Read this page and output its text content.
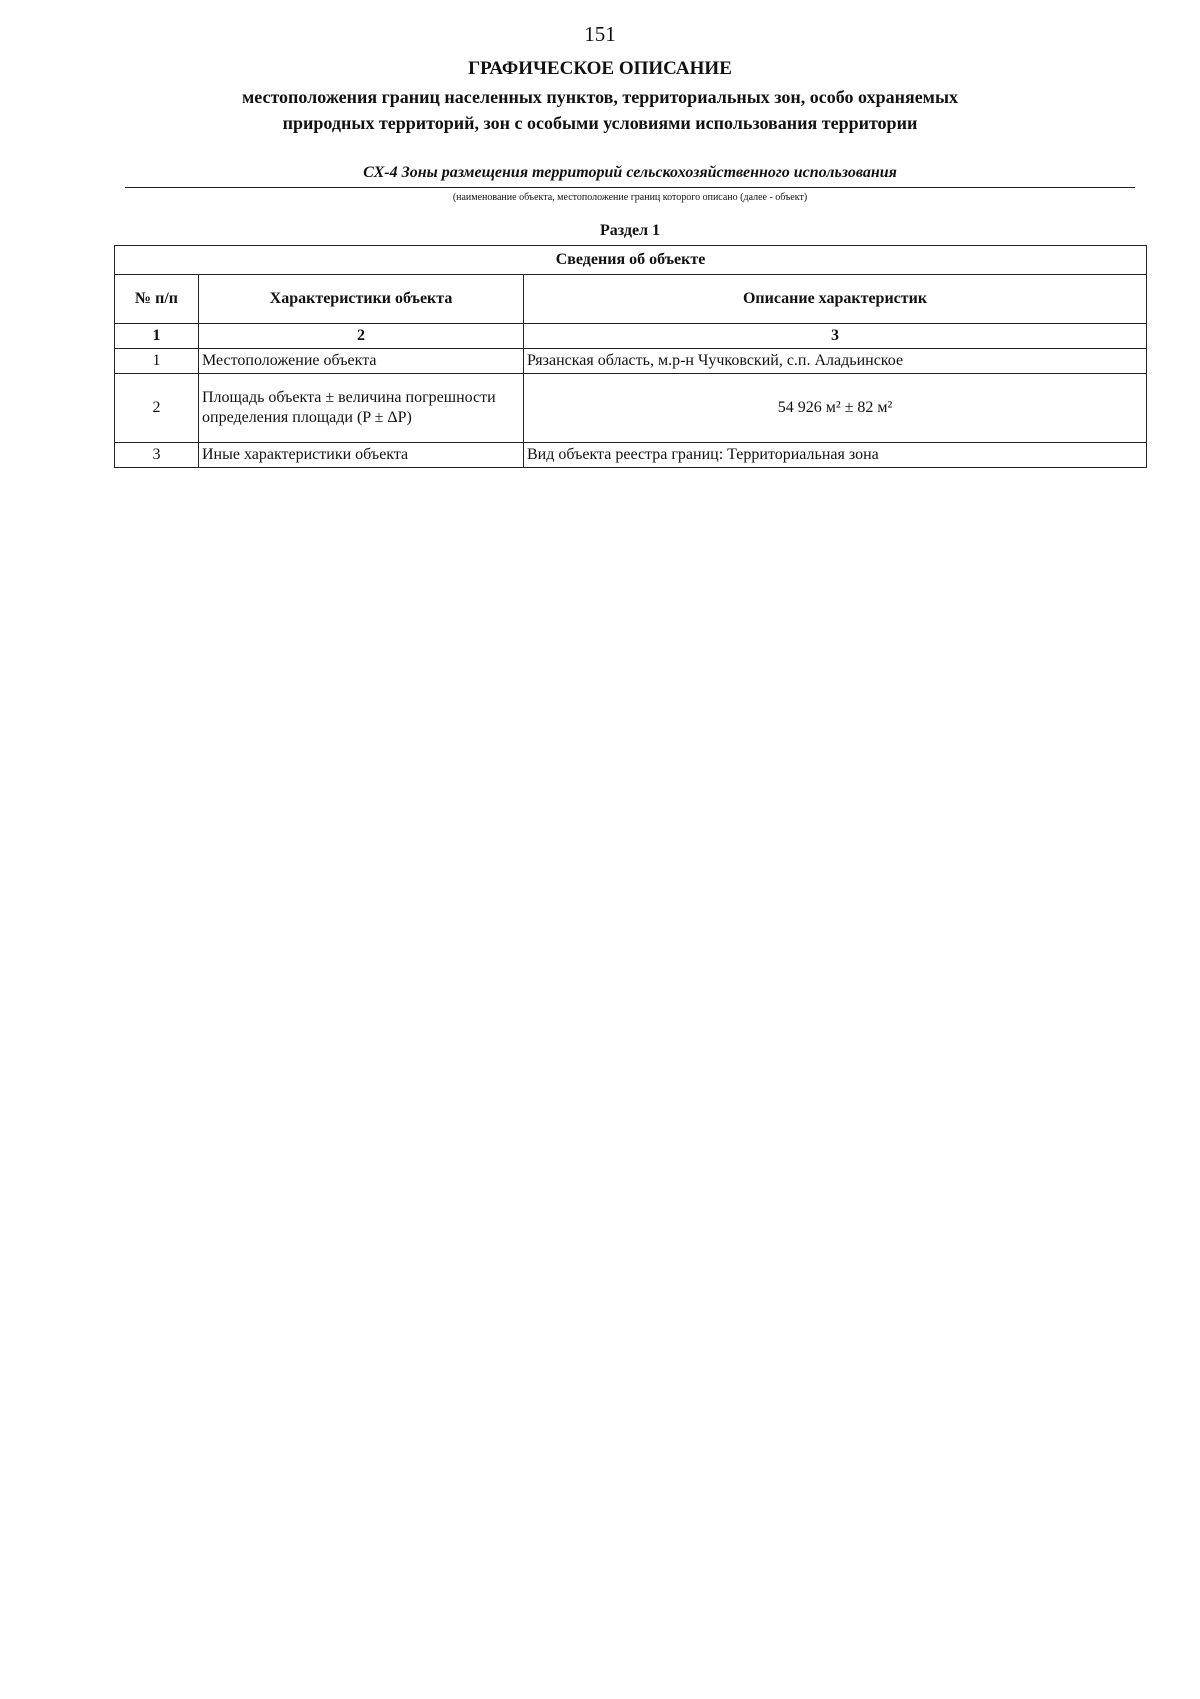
151
ГРАФИЧЕСКОЕ ОПИСАНИЕ
местоположения границ населенных пунктов, территориальных зон, особо охраняемых природных территорий, зон с особыми условиями использования территории
СХ-4 Зоны размещения территорий сельскохозяйственного использования
(наименование объекта, местоположение границ которого описано (далее - объект)
Раздел 1
Сведения об объекте		
№ п/п	Характеристики объекта	Описание характеристик
1	2	3
1	Местоположение объекта	Рязанская область, м.р-н Чучковский, с.п. Аладьинское
2	Площадь объекта ± величина погрешности определения площади (P ± ΔP)	54 926 м² ± 82 м²
3	Иные характеристики объекта	Вид объекта реестра границ: Территориальная зона
